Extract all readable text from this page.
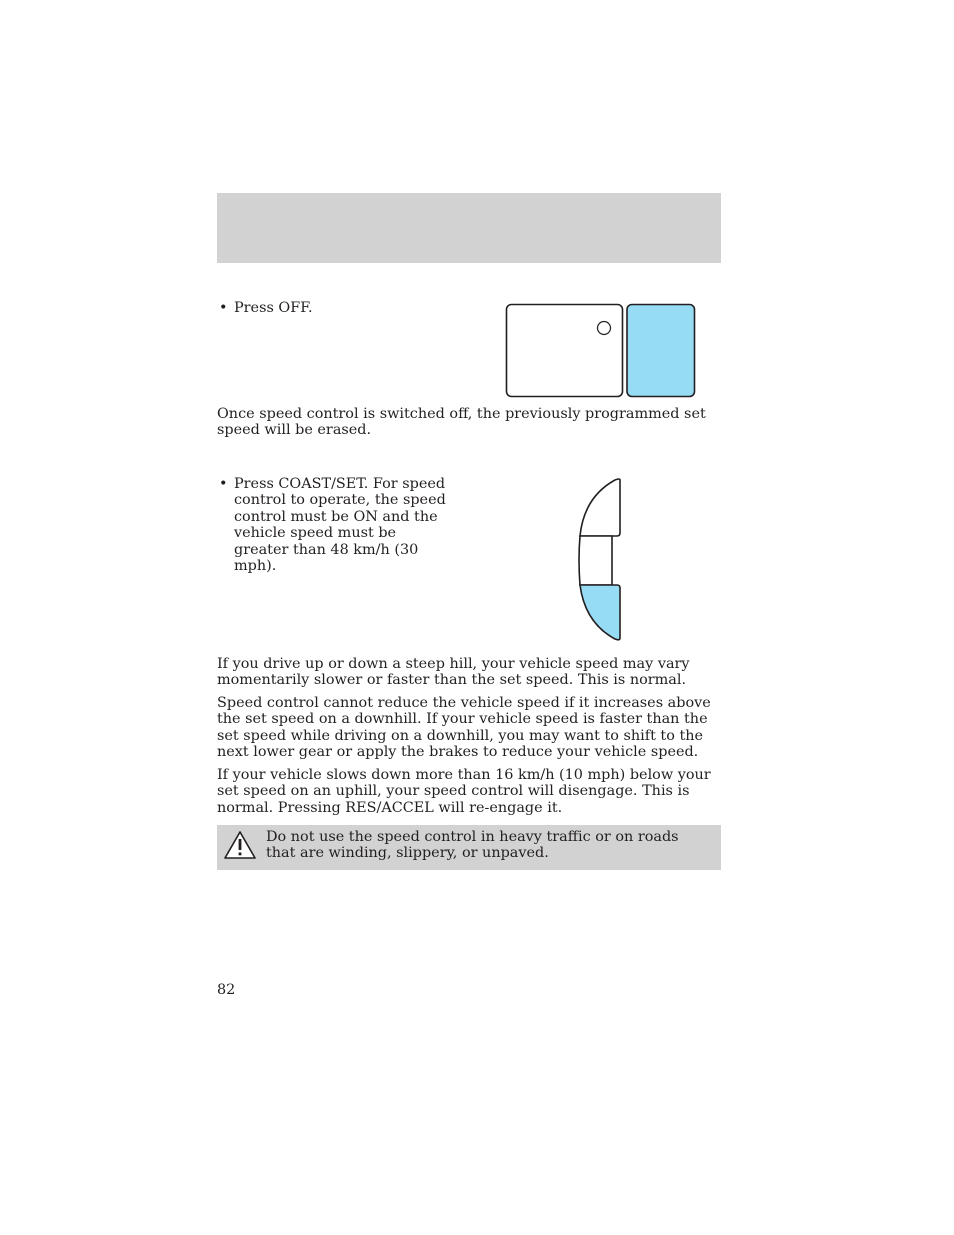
• Press OFF.

Once speed control is switched off, the previously programmed set speed will be erased.

• Press COAST/SET. For speed control to operate, the speed control must be ON and the vehicle speed must be greater than 48 km/h (30 mph).

If you drive up or down a steep hill, your vehicle speed may vary momentarily slower or faster than the set speed. This is normal.

Speed control cannot reduce the vehicle speed if it increases above the set speed on a downhill. If your vehicle speed is faster than the set speed while driving on a downhill, you may want to shift to the next lower gear or apply the brakes to reduce your vehicle speed.

If your vehicle slows down more than 16 km/h (10 mph) below your set speed on an uphill, your speed control will disengage. This is normal. Pressing RES/ACCEL will re-engage it.

Do not use the speed control in heavy traffic or on roads that are winding, slippery, or unpaved.

82
